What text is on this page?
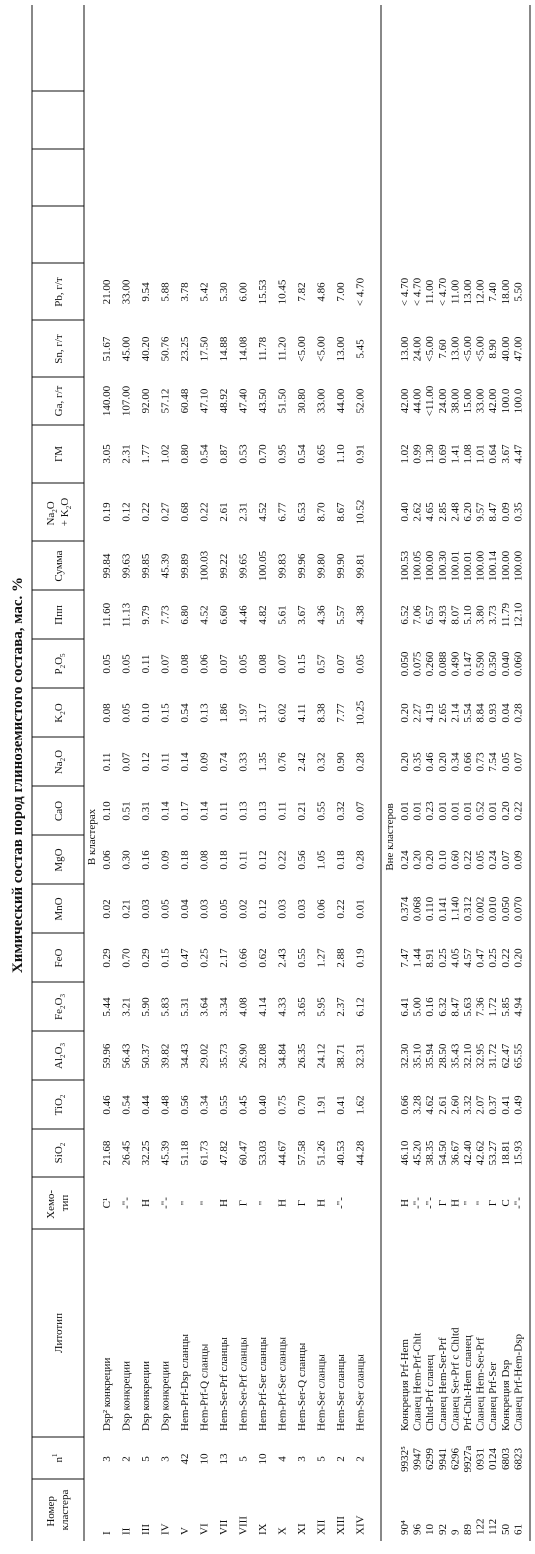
Химический состав пород глиноземистого состава, мас. %
Номер кластера
$n^1$
Литотип
Хемо- тип
SiO$_2$
TiO$_2$
$Al_2O_3$
$Fe_2O_3$
FeO
MnO
MgO
CaO
$Na_2O$
$K_2O$
$P_2O_5$
Ппп
Сумма
$Na_2O + K_2O$
ГМ
Ga, г/т
Sn, г/т
Pb, г/т
В кластерах	Вне кластеров
I
3
Dsp² конкреции
С¹
21.68
0.46
59.96
5.44
0.29
0.02
0.06
0.10
0.11
0.08
0.05
11.60
99.84
0.19
3.05
140.00
51.67
21.00
II
2
Dsp конкреции
-"-
26.45
0.54
56.43
3.21
0.70
0.21
0.30
0.51
0.07
0.05
0.05
11.13
99.63
0.12
2.31
107.00
45.00
33.00
III
5
Dsp конкреции
Н
32.25
0.44
50.37
5.90
0.29
0.03
0.16
0.31
0.12
0.10
0.11
9.79
99.85
0.22
1.77
92.00
40.20
9.54
IV
3
Dsp конкреции
-"-
45.39
0.48
39.82
5.83
0.15
0.05
0.09
0.14
0.11
0.15
0.07
7.73
45.39
0.27
1.02
57.12
50.76
5.88
V
42
Hem-Prf-Dsp сланцы
"
51.18
0.56
34.43
5.31
0.47
0.04
0.18
0.17
0.14
0.54
0.08
6.80
99.89
0.68
0.80
60.48
23.25
3.78
VI
10
Hem-Prf-Q сланцы
"
61.73
0.34
29.02
3.64
0.25
0.03
0.08
0.14
0.09
0.13
0.06
4.52
100.03
0.22
0.54
47.10
17.50
5.42
VII
13
Hem-Ser-Prf сланцы
Н
47.82
0.55
35.73
3.34
2.17
0.05
0.18
0.11
0.74
1.86
0.07
6.60
99.22
2.61
0.87
48.92
14.88
5.30
VIII
5
Hem-Ser-Prf сланцы
Г
60.47
0.45
26.90
4.08
0.66
0.02
0.11
0.13
0.33
1.97
0.05
4.46
99.65
2.31
0.53
47.40
14.08
6.00
IX
10
Hem-Prf-Ser сланцы
"
53.03
0.40
32.08
4.14
0.62
0.12
0.12
0.13
1.35
3.17
0.08
4.82
100.05
4.52
0.70
43.50
11.78
15.53
X
4
Hem-Prf-Ser сланцы
Н
44.67
0.75
34.84
4.33
2.43
0.03
0.22
0.11
0.76
6.02
0.07
5.61
99.83
6.77
0.95
51.50
11.20
10.45
XI
3
Hem-Ser-Q сланцы
Г
57.58
0.70
26.35
3.65
0.55
0.03
0.56
0.21
2.42
4.11
0.15
3.67
99.96
6.53
0.54
30.80
<5.00
7.82
XII
5
Hem-Ser сланцы
Н
51.26
1.91
24.12
5.95
1.27
0.06
1.05
0.55
0.32
8.38
0.57
4.36
99.80
8.70
0.65
33.00
<5.00
4.86
XIII
2
Hem-Ser сланцы
-"-
40.53
0.41
38.71
2.37
2.88
0.22
0.18
0.32
0.90
7.77
0.07
5.57
99.90
8.67
1.10
44.00
13.00
7.00
XIV
2
Hem-Ser сланцы
44.28
1.62
32.31
6.12
0.19
0.01
0.28
0.07
0.28
10.25
0.05
4.38
99.81
10.52
0.91
52.00
5.45
< 4.70
90⁴
9932⁵
Конкреция Prf-Hem
Н
46.10
0.66
32.30
6.41
7.47
0.374
0.24
0.01
0.20
0.20
0.050
6.52
100.53
0.40
1.02
42.00
13.00
< 4.70
96
9947
Сланец Hem-Prf-Chlt
-"-
45.20
3.28
35.10
5.00
1.44
0.068
0.20
0.01
0.35
2.27
0.075
7.06
100.05
2.62
0.99
44.00
24.00
< 4.70
10
6299
Chltd-Prf сланец
-"-
38.35
4.62
35.94
0.16
8.91
0.110
0.20
0.23
0.46
4.19
0.260
6.57
100.00
4.65
1.30
<11.00
<5.00
11.00
92
9941
Сланец Hem-Ser-Prf
Г
54.50
2.61
28.50
6.32
0.25
0.141
0.10
0.01
0.20
2.65
0.088
4.93
100.30
2.85
0.69
24.00
7.60
< 4.70
9
6296
Сланец Ser-Prf с Chltd
Н
36.67
2.60
35.43
8.47
4.05
1.140
0.60
0.01
0.34
2.14
0.490
8.07
100.01
2.48
1.41
38.00
13.00
11.00
89
9927а
Prf-Chlt-Hem сланец
"
42.40
3.32
32.10
5.63
4.57
0.312
0.22
0.01
0.66
5.54
0.147
5.10
100.01
6.20
1.08
15.00
<5.00
13.00
122
0931
Сланец Hem-Ser-Prf
"
42.62
2.07
32.95
7.36
0.47
0.002
0.05
0.52
0.73
8.84
0.590
3.80
100.00
9.57
1.01
33.00
<5.00
12.00
112
0124
Сланец Prf-Ser
Г
53.27
0.37
31.72
1.72
0.25
0.010
0.24
0.01
7.54
0.93
0.350
3.73
100.14
8.47
0.64
42.00
8.90
7.40
50
6803
Конкреция Dsp
С
18.81
0.41
62.47
5.85
0.22
0.050
0.07
0.20
0.05
0.04
0.040
11.79
100.00
0.09
3.67
100.0
40.00
18.00
61
6823
Сланец Prf-Hem-Dsp
-"-
15.93
0.49
65.55
4.94
0.20
0.070
0.09
0.22
0.07
0.28
0.060
12.10
100.00
0.35
4.47
100.0
47.00
5.50
